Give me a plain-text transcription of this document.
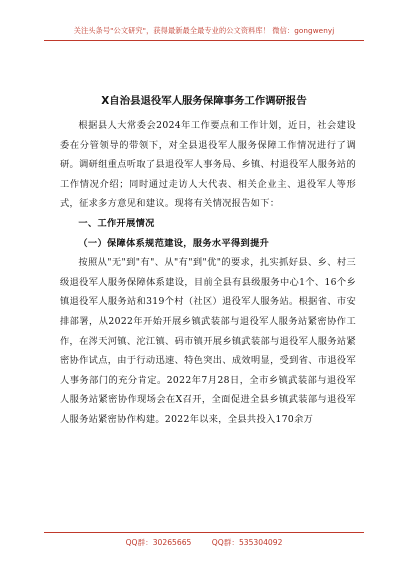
关注头条号"公文研究"，获得最新最全最专业的公文资料库！ 微信：gongwenyj
X自治县退役军人服务保障事务工作调研报告

根据县人大常委会2024年工作要点和工作计划，近日，社会建设委在分管领导的带领下，对全县退役军人服务保障工作情况进行了调研。调研组重点听取了县退役军人事务局、乡镇、村退役军人服务站的工作情况介绍；同时通过走访人大代表、相关企业主、退役军人等形式，征求多方意见和建议。现将有关情况报告如下：

一、工作开展情况

（一）保障体系规范建设，服务水平得到提升

按照从"无"到"有"、从"有"到"优"的要求，扎实抓好县、乡、村三级退役军人服务保障体系建设，目前全县有县级服务中心1个、16个乡镇退役军人服务站和319个村（社区）退役军人服务站。根据省、市安排部署，从2022年开始开展乡镇武装部与退役军人服务站紧密协作工作，在涔天河镇、沱江镇、码市镇开展乡镇武装部与退役军人服务站紧密协作试点，由于行动迅速、特色突出、成效明显，受到省、市退役军人事务部门的充分肯定。2022年7月28日，全市乡镇武装部与退役军人服务站紧密协作现场会在X召开，全面促进全县乡镇武装部与退役军人服务站紧密协作构建。2022年以来，全县共投入170余万

QQ群：30265665	QQ群：535304092
